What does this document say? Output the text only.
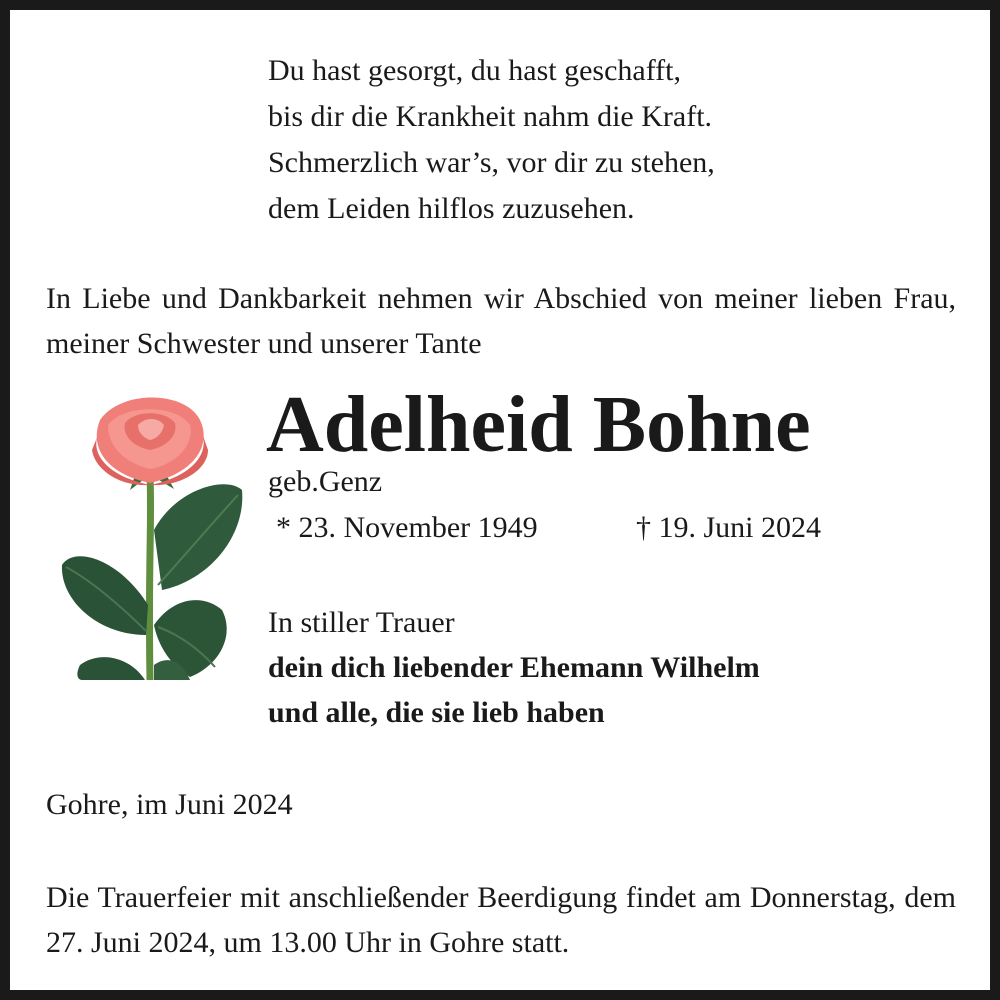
Du hast gesorgt, du hast geschafft,
bis dir die Krankheit nahm die Kraft.
Schmerzlich war’s, vor dir zu stehen,
dem Leiden hilflos zuzusehen.
In Liebe und Dankbarkeit nehmen wir Abschied von meiner lieben Frau, meiner Schwester und unserer Tante
Adelheid Bohne
geb.Genz
* 23. November 1949	† 19. Juni 2024
In stiller Trauer
dein dich liebender Ehemann Wilhelm
und alle, die sie lieb haben
Gohre, im Juni 2024
Die Trauerfeier mit anschließender Beerdigung findet am Donnerstag, dem 27. Juni 2024, um 13.00 Uhr in Gohre statt.
